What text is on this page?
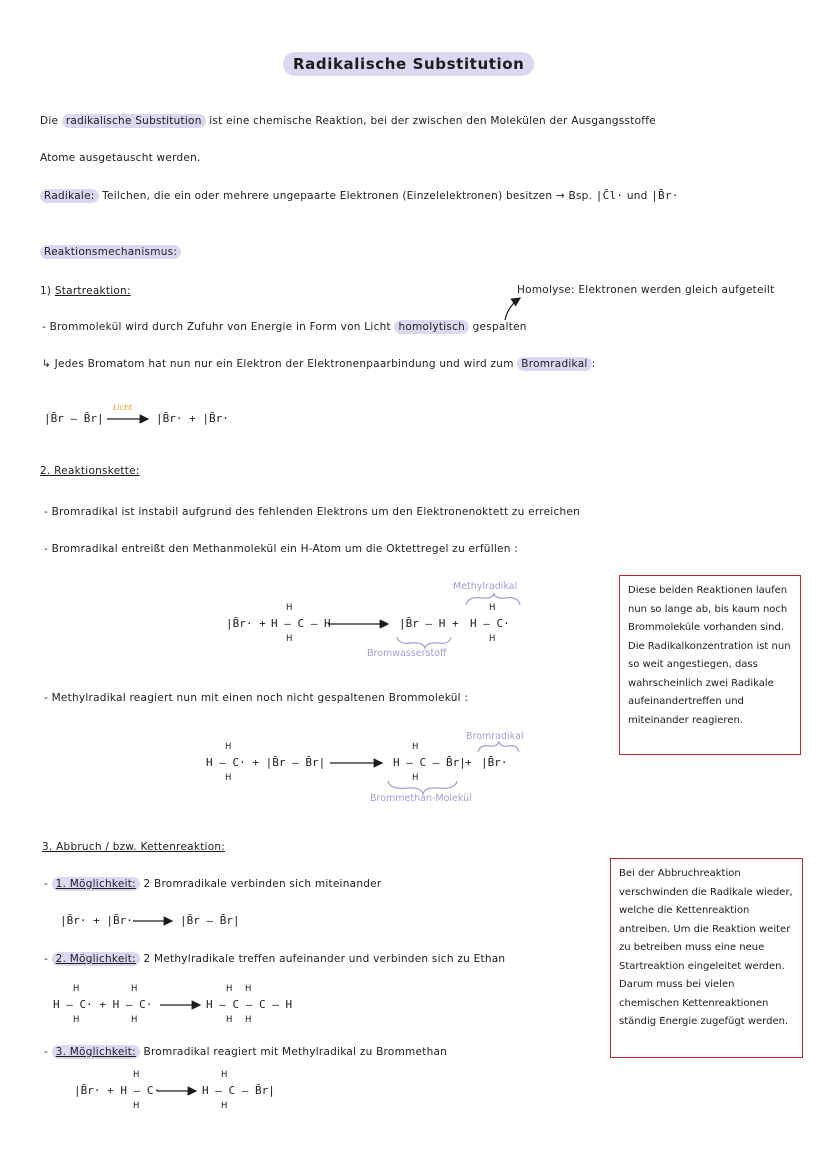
Radikalische Substitution
Die radikalische Substitution ist eine chemische Reaktion, bei der zwischen den Molekülen der Ausgangsstoffe
Atome ausgetauscht werden.
Radikale: Teilchen, die ein oder mehrere ungepaarte Elektronen (Einzelelektronen) besitzen → Bsp. |C̄l· und |B̄r·
Reaktionsmechanismus:
1) Startreaktion:	Homolyse: Elektronen werden gleich aufgeteilt
- Brommolekül wird durch Zufuhr von Energie in Form von Licht homolytisch gespalten
↳ Jedes Bromatom hat nun nur ein Elektron der Elektronenpaarbindung und wird zum Bromradikal :
|B̄r – B̄r|
Licht
|B̄r· + |B̄r·
2. Reaktionskette:
- Bromradikal ist instabil aufgrund des fehlenden Elektrons um den Elektronenoktett zu erreichen
- Bromradikal entreißt den Methanmolekül ein H-Atom um die Oktettregel zu erfüllen :
Methylradikal
H
|B̄r· + H – C – H
H
|B̄r – H +
H
H – C·
H
Bromwasserstoff
Diese beiden Reaktionen laufen nun so lange ab, bis kaum noch Brommoleküle vorhanden sind. Die Radikalkonzentration ist nun so weit angestiegen, dass wahrscheinlich zwei Radikale aufeinandertreffen und miteinander reagieren.
- Methylradikal reagiert nun mit einen noch nicht gespaltenen Brommolekül :
Bromradikal
H
H – C· + |B̄r – B̄r|
H
H
H – C – B̄r|
H
+ |B̄r·
Brommethan-Molekül
3. Abbruch / bzw. Kettenreaktion:
Bei der Abbruchreaktion verschwinden die Radikale wieder, welche die Kettenreaktion antreiben. Um die Reaktion weiter zu betreiben muss eine neue Startreaktion eingeleitet werden. Darum muss bei vielen chemischen Kettenreaktionen ständig Energie zugefügt werden.
- 1. Möglichkeit: 2 Bromradikale verbinden sich miteinander
|B̄r· + |B̄r·	|B̄r – B̄r|
- 2. Möglichkeit: 2 Methylradikale treffen aufeinander und verbinden sich zu Ethan
H	H
H – C· + H – C·
H	H
H H
H – C – C – H
H H
- 3. Möglichkeit: Bromradikal reagiert mit Methylradikal zu Brommethan
H
|B̄r· + H – C·
H
H
H – C – B̄r|
H
